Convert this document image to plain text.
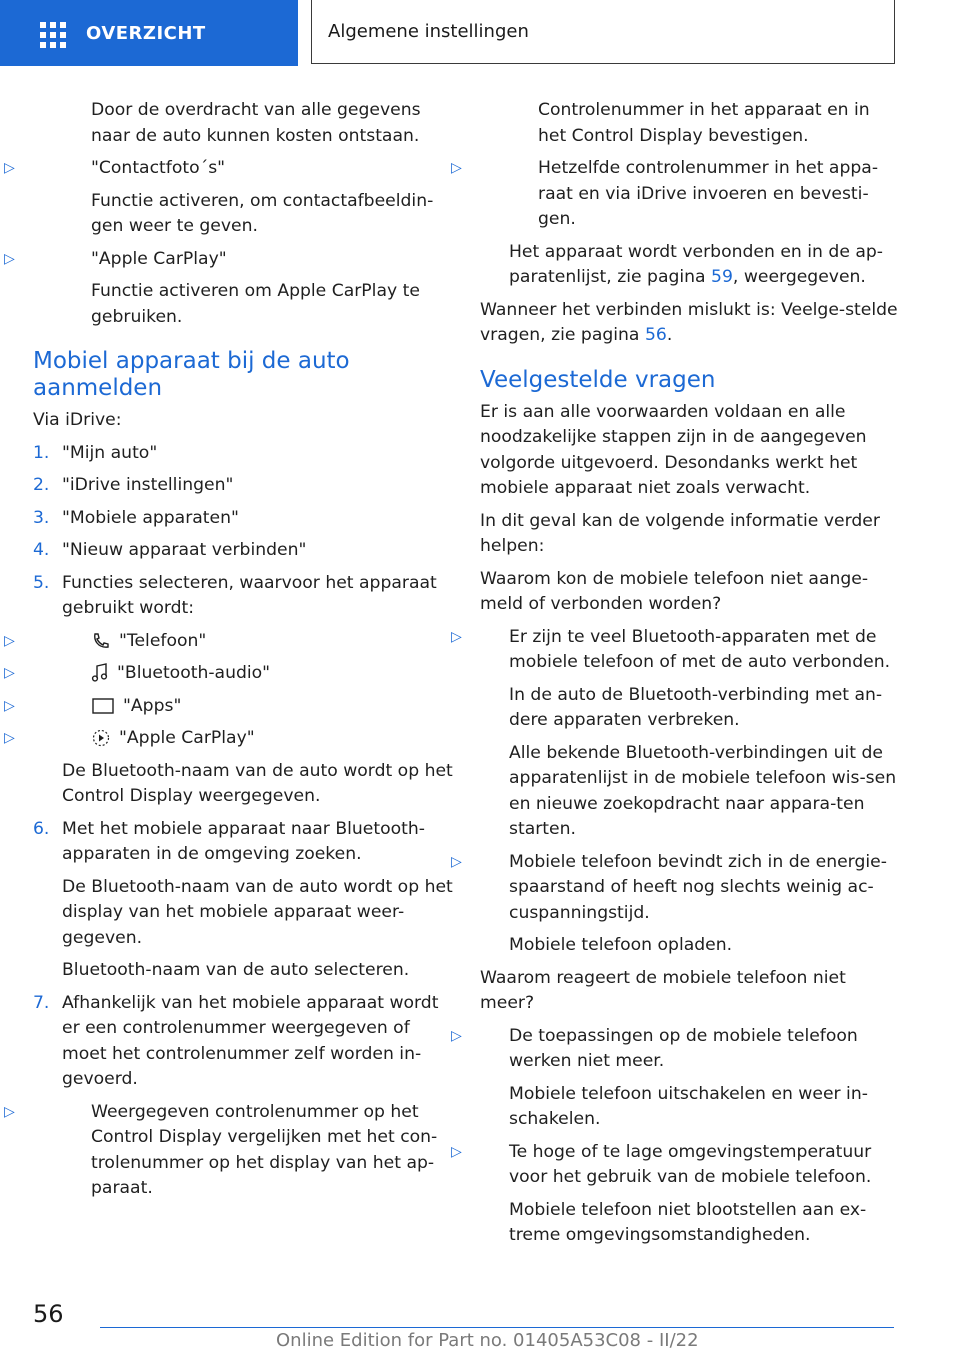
OVERZICHT	Algemene instellingen

Door de overdracht van alle gegevens naar de auto kunnen kosten ontstaan.

▷	"Contactfoto´s"

Functie activeren, om contactafbeeldin-gen weer te geven.

▷	"Apple CarPlay"

Functie activeren om Apple CarPlay te gebruiken.

Mobiel apparaat bij de auto aanmelden

Via iDrive:

1. "Mijn auto"
2. "iDrive instellingen"
3. "Mobiele apparaten"
4. "Nieuw apparaat verbinden"
5. Functies selecteren, waarvoor het apparaat gebruikt wordt:

▷	"Telefoon"

▷	"Bluetooth-audio"

▷	"Apps"

▷	"Apple CarPlay"

De Bluetooth-naam van de auto wordt op het Control Display weergegeven.

6. Met het mobiele apparaat naar Bluetooth-apparaten in de omgeving zoeken.

De Bluetooth-naam van de auto wordt op het display van het mobiele apparaat weer-gegeven.

Bluetooth-naam van de auto selecteren.

7. Afhankelijk van het mobiele apparaat wordt er een controlenummer weergegeven of moet het controlenummer zelf worden in-gevoerd.

▷	Weergegeven controlenummer op het Control Display vergelijken met het con-trolenummer op het display van het ap-paraat.

Controlenummer in het apparaat en in het Control Display bevestigen.

▷	Hetzelfde controlenummer in het appa-raat en via iDrive invoeren en bevesti-gen.

Het apparaat wordt verbonden en in de ap-paratenlijst, zie pagina 59, weergegeven.

Wanneer het verbinden mislukt is: Veelge-stelde vragen, zie pagina 56.

Veelgestelde vragen

Er is aan alle voorwaarden voldaan en alle noodzakelijke stappen zijn in de aangegeven volgorde uitgevoerd. Desondanks werkt het mobiele apparaat niet zoals verwacht.

In dit geval kan de volgende informatie verder helpen:

Waarom kon de mobiele telefoon niet aange-meld of verbonden worden?

▷	Er zijn te veel Bluetooth-apparaten met de mobiele telefoon of met de auto verbonden.

In de auto de Bluetooth-verbinding met an-dere apparaten verbreken.

Alle bekende Bluetooth-verbindingen uit de apparatenlijst in de mobiele telefoon wis-sen en nieuwe zoekopdracht naar appara-ten starten.

▷	Mobiele telefoon bevindt zich in de energie-spaarstand of heeft nog slechts weinig ac-cuspanningstijd.

Mobiele telefoon opladen.

Waarom reageert de mobiele telefoon niet meer?

▷	De toepassingen op de mobiele telefoon werken niet meer.

Mobiele telefoon uitschakelen en weer in-schakelen.

▷	Te hoge of te lage omgevingstemperatuur voor het gebruik van de mobiele telefoon.

Mobiele telefoon niet blootstellen aan ex-treme omgevingsomstandigheden.

56
Online Edition for Part no. 01405A53C08 - II/22
